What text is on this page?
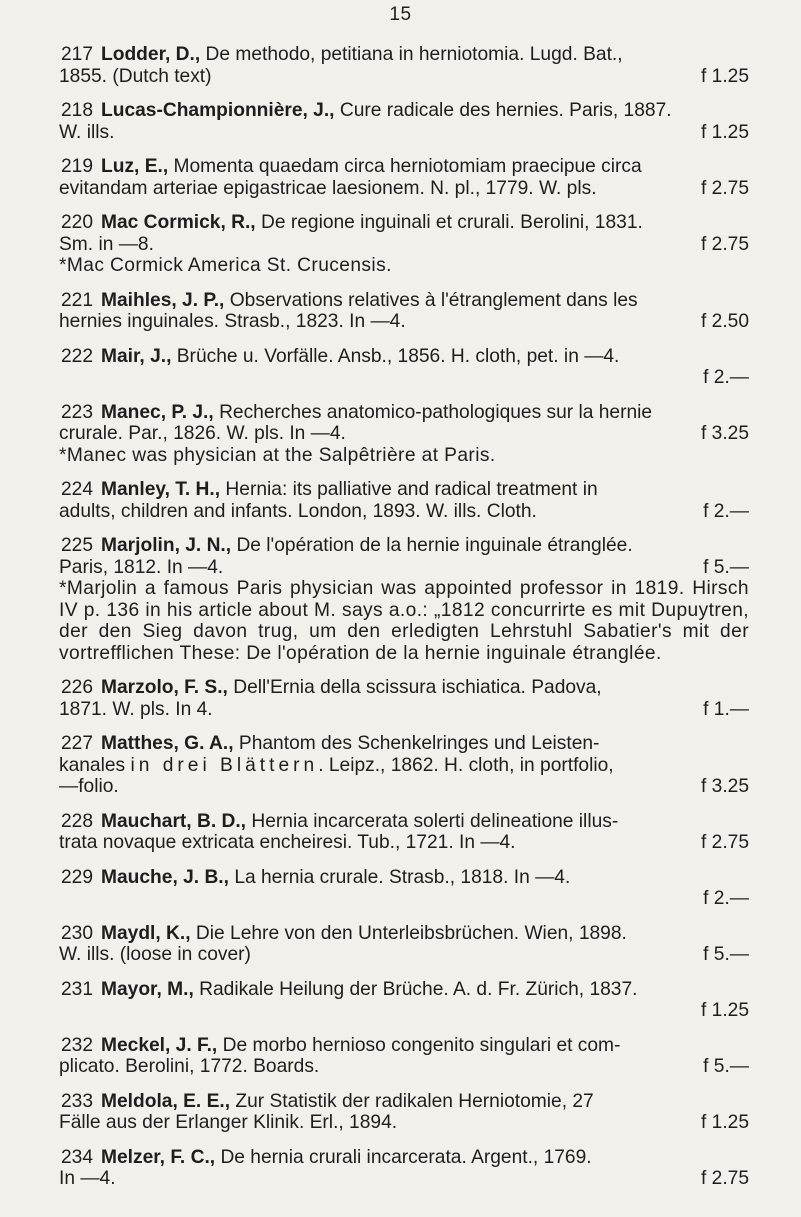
15

217 Lodder, D., De methodo, petitiana in herniotomia. Lugd. Bat.,

1855. (Dutch text)	f 1.25

218 Lucas-Championnière, J., Cure radicale des hernies. Paris, 1887.

W. ills.	f 1.25

219 Luz, E., Momenta quaedam circa herniotomiam praecipue circa

evitandam arteriae epigastricae laesionem. N. pl., 1779. W. pls.	f 2.75

220 Mac Cormick, R., De regione inguinali et crurali. Berolini, 1831.

Sm. in —8.	f 2.75

*Mac Cormick America St. Crucensis.

221 Maihles, J. P., Observations relatives à l'étranglement dans les

hernies inguinales. Strasb., 1823. In —4.	f 2.50

222 Mair, J., Brüche u. Vorfälle. Ansb., 1856. H. cloth, pet. in —4.

f 2.—

223 Manec, P. J., Recherches anatomico-pathologiques sur la hernie

crurale. Par., 1826. W. pls. In —4.	f 3.25

*Manec was physician at the Salpêtrière at Paris.

224 Manley, T. H., Hernia: its palliative and radical treatment in

adults, children and infants. London, 1893. W. ills. Cloth.	f 2.—

225 Marjolin, J. N., De l'opération de la hernie inguinale étranglée.

Paris, 1812. In —4.	f 5.—

*Marjolin a famous Paris physician was appointed professor in 1819. Hirsch IV p. 136 in his article about M. says a.o.: „1812 concurrirte es mit Dupuytren, der den Sieg davon trug, um den erledigten Lehrstuhl Sabatier's mit der vortrefflichen These: De l'opération de la hernie inguinale étranglée.

226 Marzolo, F. S., Dell'Ernia della scissura ischiatica. Padova,

1871. W. pls. In 4.	f 1.—

227 Matthes, G. A., Phantom des Schenkelringes und Leisten-

kanales in drei Blättern. Leipz., 1862. H. cloth, in portfolio,

—folio.	f 3.25

228 Mauchart, B. D., Hernia incarcerata solerti delineatione illus-

trata novaque extricata encheiresi. Tub., 1721. In —4.	f 2.75

229 Mauche, J. B., La hernia crurale. Strasb., 1818. In —4.

f 2.—

230 Maydl, K., Die Lehre von den Unterleibsbrüchen. Wien, 1898.

W. ills. (loose in cover)	f 5.—

231 Mayor, M., Radikale Heilung der Brüche. A. d. Fr. Zürich, 1837.

f 1.25

232 Meckel, J. F., De morbo hernioso congenito singulari et com-

plicato. Berolini, 1772. Boards.	f 5.—

233 Meldola, E. E., Zur Statistik der radikalen Herniotomie, 27

Fälle aus der Erlanger Klinik. Erl., 1894.	f 1.25

234 Melzer, F. C., De hernia crurali incarcerata. Argent., 1769.

In —4.	f 2.75
